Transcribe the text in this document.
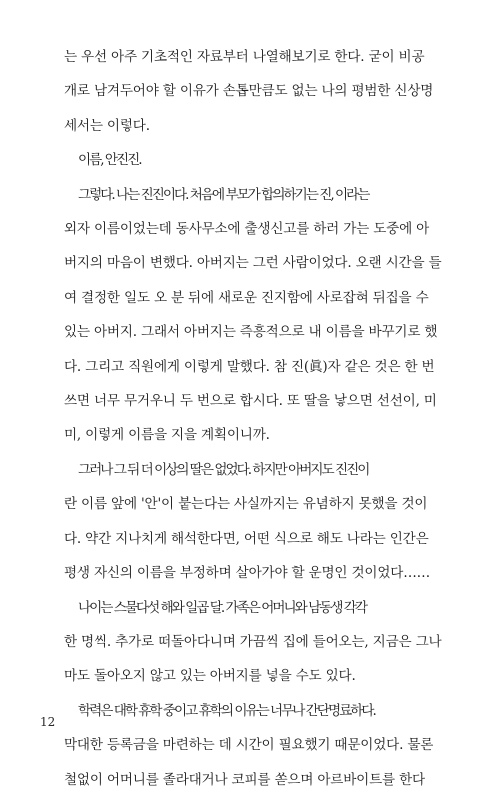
는 우선 아주 기초적인 자료부터 나열해보기로 한다. 굳이 비공
개로 남겨두어야 할 이유가 손톱만큼도 없는 나의 평범한 신상명
세서는 이렇다.

이름, 안진진.

그렇다. 나는 진진이다. 처음에 부모가 합의하기는 진, 이라는
외자 이름이었는데 동사무소에 출생신고를 하러 가는 도중에 아
버지의 마음이 변했다. 아버지는 그런 사람이었다. 오랜 시간을 들
여 결정한 일도 오 분 뒤에 새로운 진지함에 사로잡혀 뒤집을 수
있는 아버지. 그래서 아버지는 즉흥적으로 내 이름을 바꾸기로 했
다. 그리고 직원에게 이렇게 말했다. 참 진(眞)자 같은 것은 한 번
쓰면 너무 무거우니 두 번으로 합시다. 또 딸을 낳으면 선선이, 미
미, 이렇게 이름을 지을 계획이니까.

그러나 그 뒤 더 이상의 딸은 없었다. 하지만 아버지도 진진이
란 이름 앞에 '안'이 붙는다는 사실까지는 유념하지 못했을 것이
다. 약간 지나치게 해석한다면, 어떤 식으로 해도 나라는 인간은
평생 자신의 이름을 부정하며 살아가야 할 운명인 것이었다……

나이는 스물다섯 해와 일곱 달. 가족은 어머니와 남동생 각각
한 명씩. 추가로 떠돌아다니며 가끔씩 집에 들어오는, 지금은 그나
마도 돌아오지 않고 있는 아버지를 넣을 수도 있다.

학력은 대학 휴학 중이고 휴학의 이유는 너무나 간단명료하다.
막대한 등록금을 마련하는 데 시간이 필요했기 때문이었다. 물론
철없이 어머니를 졸라대거나 코피를 쏟으며 아르바이트를 한다

12
